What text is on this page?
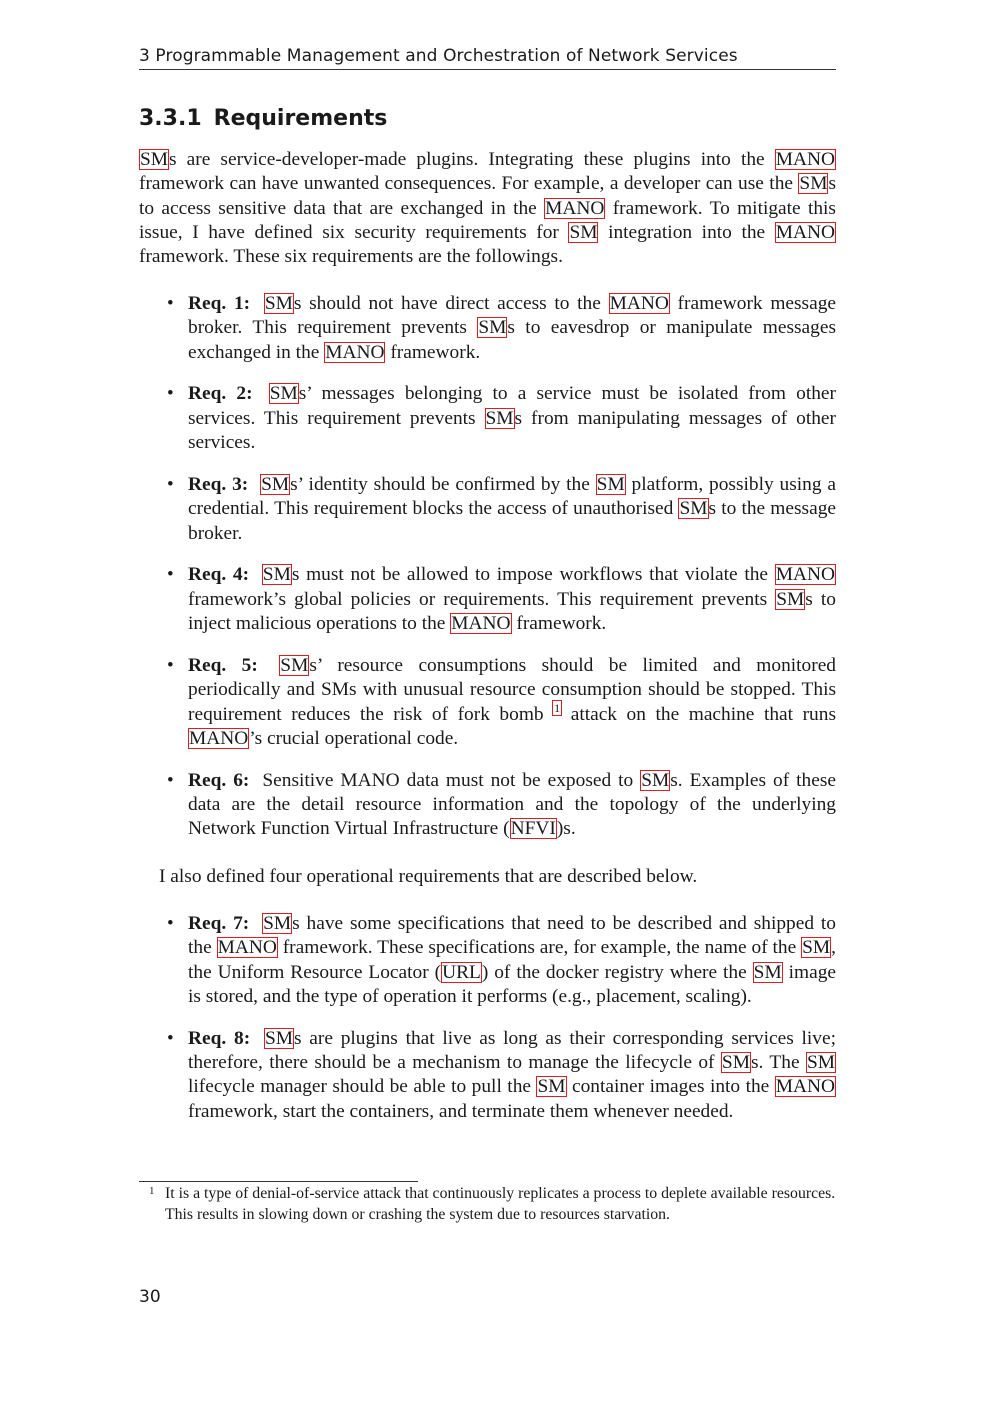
3 Programmable Management and Orchestration of Network Services
3.3.1 Requirements

SMs are service-developer-made plugins. Integrating these plugins into the MANO framework can have unwanted consequences. For example, a developer can use the SMs to access sensitive data that are exchanged in the MANO framework. To mitigate this issue, I have defined six security requirements for SM integration into the MANO framework. These six requirements are the followings.

• Req. 1: SMs should not have direct access to the MANO framework message broker. This requirement prevents SMs to eavesdrop or manipulate messages exchanged in the MANO framework.
• Req. 2: SMs’ messages belonging to a service must be isolated from other services. This requirement prevents SMs from manipulating messages of other services.
• Req. 3: SMs’ identity should be confirmed by the SM platform, possibly using a credential. This requirement blocks the access of unauthorised SMs to the message broker.
• Req. 4: SMs must not be allowed to impose workflows that violate the MANO framework’s global policies or requirements. This requirement prevents SMs to inject malicious operations to the MANO framework.
• Req. 5: SMs’ resource consumptions should be limited and monitored periodically and SMs with unusual resource consumption should be stopped. This requirement reduces the risk of fork bomb $^1$ attack on the machine that runs MANO’s crucial operational code.
• Req. 6: Sensitive MANO data must not be exposed to SMs. Examples of these data are the detail resource information and the topology of the underlying Network Function Virtual Infrastructure (NFVI)s.

I also defined four operational requirements that are described below.

• Req. 7: SMs have some specifications that need to be described and shipped to the MANO framework. These specifications are, for example, the name of the SM, the Uniform Resource Locator (URL) of the docker registry where the SM image is stored, and the type of operation it performs (e.g., placement, scaling).
• Req. 8: SMs are plugins that live as long as their corresponding services live; therefore, there should be a mechanism to manage the lifecycle of SMs. The SM lifecycle manager should be able to pull the SM container images into the MANO framework, start the containers, and terminate them whenever needed.
1 It is a type of denial-of-service attack that continuously replicates a process to deplete available resources. This results in slowing down or crashing the system due to resources starvation.
30
